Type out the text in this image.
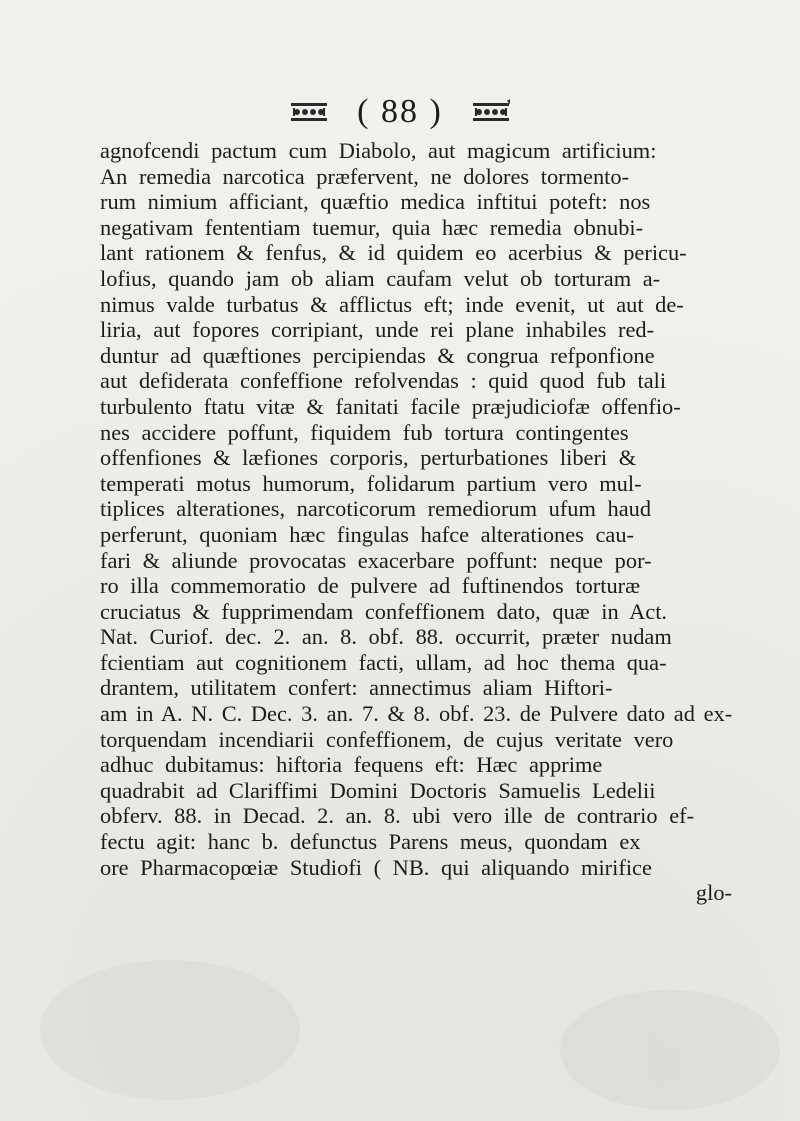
( 88 )
agnofcendi pactum cum Diabolo, aut magicum artificium:
An remedia narcotica præfervent, ne dolores tormento-
rum nimium afficiant, quæftio medica inftitui poteft: nos
negativam fententiam tuemur, quia hæc remedia obnubi-
lant rationem & fenfus, & id quidem eo acerbius & pericu-
lofius, quando jam ob aliam caufam velut ob torturam a-
nimus valde turbatus & afflictus eft; inde evenit, ut aut de-
liria, aut fopores corripiant, unde rei plane inhabiles red-
duntur ad quæftiones percipiendas & congrua refponfione
aut defiderata confeffione refolvendas : quid quod fub tali
turbulento ftatu vitæ & fanitati facile præjudiciofæ offenfio-
nes accidere poffunt, fiquidem fub tortura contingentes
offenfiones & læfiones corporis, perturbationes liberi &
temperati motus humorum, folidarum partium vero mul-
tiplices alterationes, narcoticorum remediorum ufum haud
perferunt, quoniam hæc fingulas hafce alterationes cau-
fari & aliunde provocatas exacerbare poffunt: neque por-
ro illa commemoratio de pulvere ad fuftinendos torturæ
cruciatus & fupprimendam confeffionem dato, quæ in Act.
Nat. Curiof. dec. 2. an. 8. obf. 88. occurrit, præter nudam
fcientiam aut cognitionem facti, ullam, ad hoc thema qua-
drantem, utilitatem confert: annectimus aliam Hiftori-
am in A. N. C. Dec. 3. an. 7. & 8. obf. 23. de Pulvere dato ad ex-
torquendam incendiarii confeffionem, de cujus veritate vero
adhuc dubitamus: hiftoria fequens eft: Hæc apprime
quadrabit ad Clariffimi Domini Doctoris Samuelis Ledelii
obferv. 88. in Decad. 2. an. 8. ubi vero ille de contrario ef-
fectu agit: hanc b. defunctus Parens meus, quondam ex
ore Pharmacopœiæ Studiofi ( NB. qui aliquando mirifice
glo-
